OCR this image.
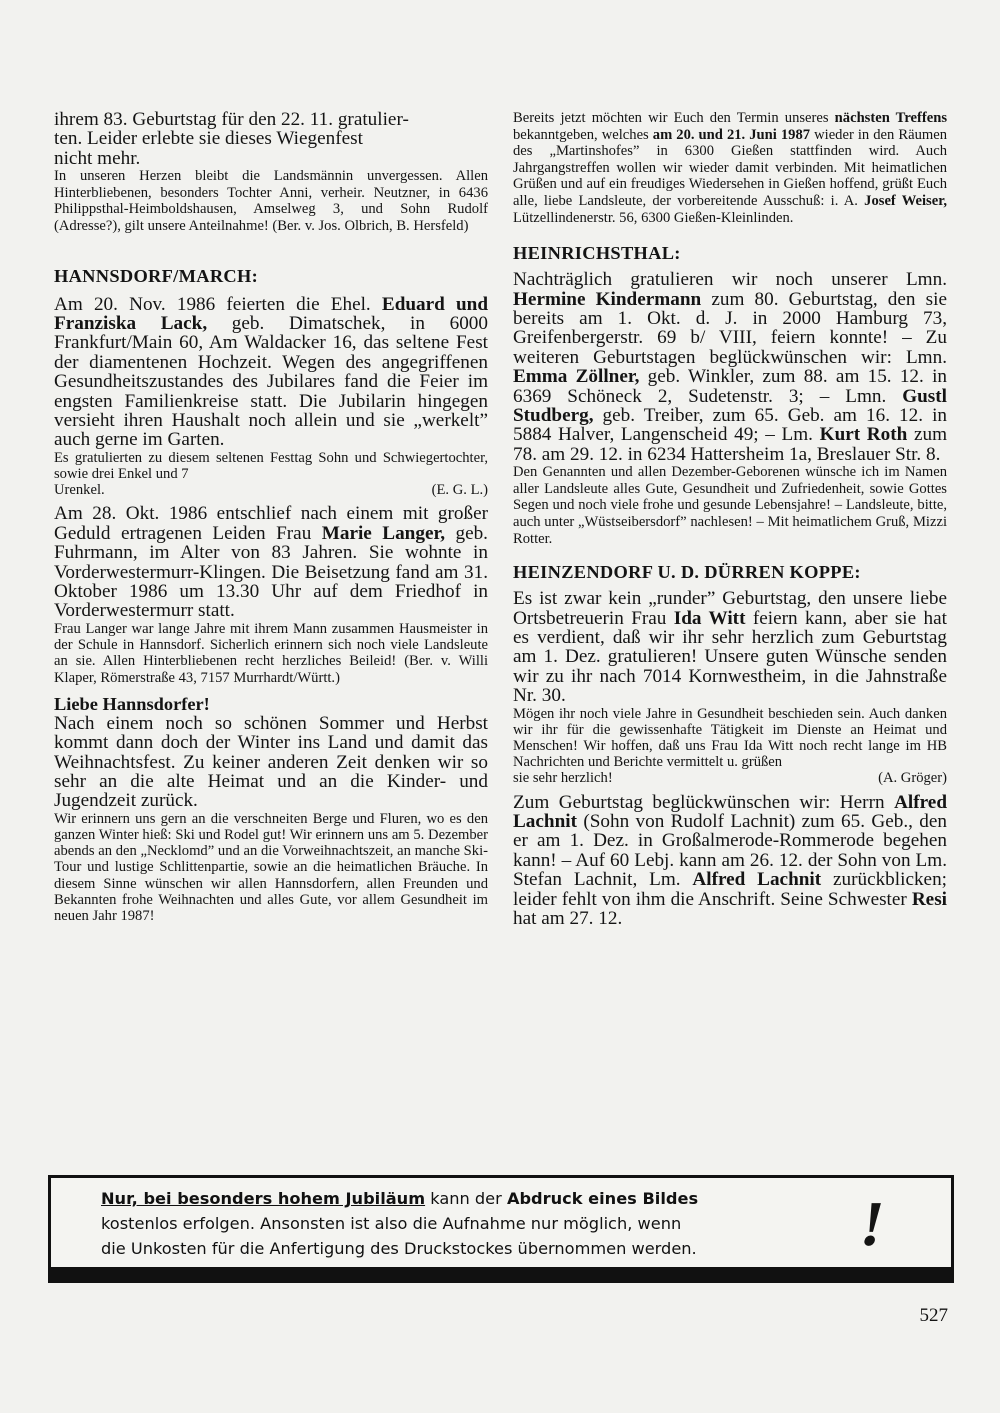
ihrem 83. Geburtstag für den 22. 11. gratulier-
ten. Leider erlebte sie dieses Wiegenfest
nicht mehr.

In unseren Herzen bleibt die Landsmännin unvergessen. Allen Hinterbliebenen, besonders Tochter Anni, verheir. Neutzner, in 6436 Philippsthal-Heimboldshausen, Amselweg 3, und Sohn Rudolf (Adresse?), gilt unsere Anteilnahme! (Ber. v. Jos. Olbrich, B. Hersfeld)

HANNSDORF/MARCH:

Am 20. Nov. 1986 feierten die Ehel. Eduard und Franziska Lack, geb. Dimatschek, in 6000 Frankfurt/Main 60, Am Waldacker 16, das seltene Fest der diamentenen Hochzeit. Wegen des angegriffenen Gesundheitszustandes des Jubilares fand die Feier im engsten Familienkreise statt. Die Jubilarin hingegen versieht ihren Haushalt noch allein und sie „werkelt” auch gerne im Garten.

Es gratulierten zu diesem seltenen Festtag Sohn und Schwiegertochter, sowie drei Enkel und 7

Urenkel.	(E. G. L.)

Am 28. Okt. 1986 entschlief nach einem mit großer Geduld ertragenen Leiden Frau Marie Langer, geb. Fuhrmann, im Alter von 83 Jahren. Sie wohnte in Vorderwestermurr-Klingen. Die Beisetzung fand am 31. Oktober 1986 um 13.30 Uhr auf dem Friedhof in Vorderwestermurr statt.

Frau Langer war lange Jahre mit ihrem Mann zusammen Hausmeister in der Schule in Hannsdorf. Sicherlich erinnern sich noch viele Landsleute an sie. Allen Hinterbliebenen recht herzliches Beileid! (Ber. v. Willi Klaper, Römerstraße 43, 7157 Murrhardt/Württ.)

Liebe Hannsdorfer!

Nach einem noch so schönen Sommer und Herbst kommt dann doch der Winter ins Land und damit das Weihnachtsfest. Zu keiner anderen Zeit denken wir so sehr an die alte Heimat und an die Kinder- und Jugendzeit zurück.

Wir erinnern uns gern an die verschneiten Berge und Fluren, wo es den ganzen Winter hieß: Ski und Rodel gut! Wir erinnern uns am 5. Dezember abends an den „Necklomd” und an die Vorweihnachtszeit, an manche Ski-Tour und lustige Schlittenpartie, sowie an die heimatlichen Bräuche. In diesem Sinne wünschen wir allen Hannsdorfern, allen Freunden und Bekannten frohe Weihnachten und alles Gute, vor allem Gesundheit im neuen Jahr 1987!

Bereits jetzt möchten wir Euch den Termin unseres nächsten Treffens bekanntgeben, welches am 20. und 21. Juni 1987 wieder in den Räumen des „Martinshofes” in 6300 Gießen stattfinden wird. Auch Jahrgangstreffen wollen wir wieder damit verbinden. Mit heimatlichen Grüßen und auf ein freudiges Wiedersehen in Gießen hoffend, grüßt Euch alle, liebe Landsleute, der vorbereitende Ausschuß: i. A. Josef Weiser, Lützellindenerstr. 56, 6300 Gießen-Kleinlinden.

HEINRICHSTHAL:

Nachträglich gratulieren wir noch unserer Lmn. Hermine Kindermann zum 80. Geburtstag, den sie bereits am 1. Okt. d. J. in 2000 Hamburg 73, Greifenbergerstr. 69 b/ VIII, feiern konnte! – Zu weiteren Geburtstagen beglückwünschen wir: Lmn. Emma Zöllner, geb. Winkler, zum 88. am 15. 12. in 6369 Schöneck 2, Sudetenstr. 3; – Lmn. Gustl Studberg, geb. Treiber, zum 65. Geb. am 16. 12. in 5884 Halver, Langenscheid 49; – Lm. Kurt Roth zum 78. am 29. 12. in 6234 Hattersheim 1a, Breslauer Str. 8.

Den Genannten und allen Dezember-Geborenen wünsche ich im Namen aller Landsleute alles Gute, Gesundheit und Zufriedenheit, sowie Gottes Segen und noch viele frohe und gesunde Lebensjahre! – Landsleute, bitte, auch unter „Wüstseibersdorf” nachlesen! – Mit heimatlichem Gruß, Mizzi Rotter.

HEINZENDORF U. D. DÜRREN KOPPE:

Es ist zwar kein „runder” Geburtstag, den unsere liebe Ortsbetreuerin Frau Ida Witt feiern kann, aber sie hat es verdient, daß wir ihr sehr herzlich zum Geburtstag am 1. Dez. gratulieren! Unsere guten Wünsche senden wir zu ihr nach 7014 Kornwestheim, in die Jahnstraße Nr. 30.

Mögen ihr noch viele Jahre in Gesundheit beschieden sein. Auch danken wir ihr für die gewissenhafte Tätigkeit im Dienste an Heimat und Menschen! Wir hoffen, daß uns Frau Ida Witt noch recht lange im HB Nachrichten und Berichte vermittelt u. grüßen

sie sehr herzlich!	(A. Gröger)

Zum Geburtstag beglückwünschen wir: Herrn Alfred Lachnit (Sohn von Rudolf Lachnit) zum 65. Geb., den er am 1. Dez. in Großalmerode-Rommerode begehen kann! – Auf 60 Lebj. kann am 26. 12. der Sohn von Lm. Stefan Lachnit, Lm. Alfred Lachnit zurückblicken; leider fehlt von ihm die Anschrift. Seine Schwester Resi hat am 27. 12.

Nur, bei besonders hohem Jubiläum kann der Abdruck eines Bildes
kostenlos erfolgen. Ansonsten ist also die Aufnahme nur möglich, wenn
die Unkosten für die Anfertigung des Druckstockes übernommen werden.	!
527
